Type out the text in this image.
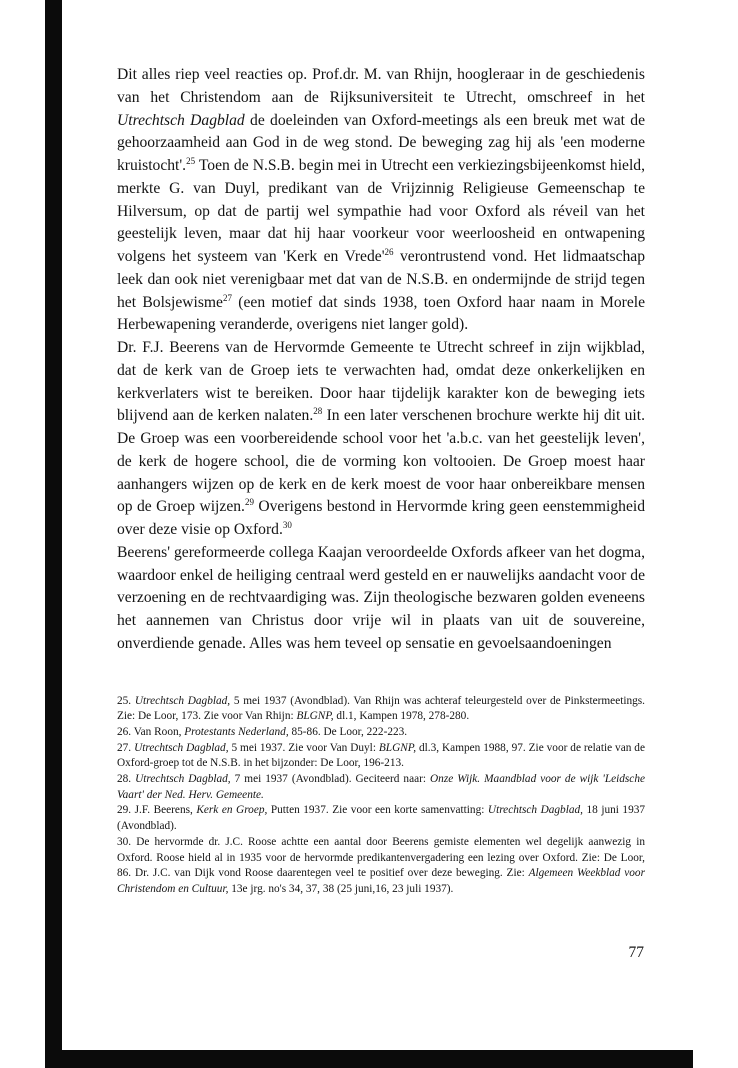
Dit alles riep veel reacties op. Prof.dr. M. van Rhijn, hoogleraar in de geschiedenis van het Christendom aan de Rijksuniversiteit te Utrecht, omschreef in het Utrechtsch Dagblad de doeleinden van Oxford-meetings als een breuk met wat de gehoorzaamheid aan God in de weg stond. De beweging zag hij als 'een moderne kruistocht'.$^{25}$ Toen de N.S.B. begin mei in Utrecht een verkiezingsbijeenkomst hield, merkte G. van Duyl, predikant van de Vrijzinnig Religieuse Gemeenschap te Hilversum, op dat de partij wel sympathie had voor Oxford als réveil van het geestelijk leven, maar dat hij haar voorkeur voor weerloosheid en ontwapening volgens het systeem van 'Kerk en $Vrede'^{26}$ verontrustend vond. Het lidmaatschap leek dan ook niet verenigbaar met dat van de N.S.B. en ondermijnde de strijd tegen het Bolsjewisme$^{27}$ (een motief dat sinds 1938, toen Oxford haar naam in Morele Herbewapening veranderde, overigens niet langer gold).

Dr. F.J. Beerens van de Hervormde Gemeente te Utrecht schreef in zijn wijkblad, dat de kerk van de Groep iets te verwachten had, omdat deze onkerkelijken en kerkverlaters wist te bereiken. Door haar tijdelijk karakter kon de beweging iets blijvend aan de kerken nalaten.$^{28}$ In een later verschenen brochure werkte hij dit uit. De Groep was een voorbereidende school voor het 'a.b.c. van het geestelijk leven', de kerk de hogere school, die de vorming kon voltooien. De Groep moest haar aanhangers wijzen op de kerk en de kerk moest de voor haar onbereikbare mensen op de Groep wijzen.$^{29}$ Overigens bestond in Hervormde kring geen eenstemmigheid over deze visie op Oxford.$^{30}$

Beerens' gereformeerde collega Kaajan veroordeelde Oxfords afkeer van het dogma, waardoor enkel de heiliging centraal werd gesteld en er nauwelijks aandacht voor de verzoening en de rechtvaardiging was. Zijn theologische bezwaren golden eveneens het aannemen van Christus door vrije wil in plaats van uit de souvereine, onverdiende genade. Alles was hem teveel op sensatie en gevoelsaandoeningen

25. Utrechtsch Dagblad, 5 mei 1937 (Avondblad). Van Rhijn was achteraf teleurgesteld over de Pinkstermeetings. Zie: De Loor, 173. Zie voor Van Rhijn: BLGNP, dl.1, Kampen 1978, 278-280.

26. Van Roon, Protestants Nederland, 85-86. De Loor, 222-223.

27. Utrechtsch Dagblad, 5 mei 1937. Zie voor Van Duyl: BLGNP, dl.3, Kampen 1988, 97. Zie voor de relatie van de Oxford-groep tot de N.S.B. in het bijzonder: De Loor, 196-213.

28. Utrechtsch Dagblad, 7 mei 1937 (Avondblad). Geciteerd naar: Onze Wijk. Maandblad voor de wijk 'Leidsche Vaart' der Ned. Herv. Gemeente.

29. J.F. Beerens, Kerk en Groep, Putten 1937. Zie voor een korte samenvatting: Utrechtsch Dagblad, 18 juni 1937 (Avondblad).

30. De hervormde dr. J.C. Roose achtte een aantal door Beerens gemiste elementen wel degelijk aanwezig in Oxford. Roose hield al in 1935 voor de hervormde predikantenvergadering een lezing over Oxford. Zie: De Loor, 86. Dr. J.C. van Dijk vond Roose daarentegen veel te positief over deze beweging. Zie: Algemeen Weekblad voor Christendom en Cultuur, 13e jrg. no's 34, 37, 38 (25 juni,16, 23 juli 1937).

77
